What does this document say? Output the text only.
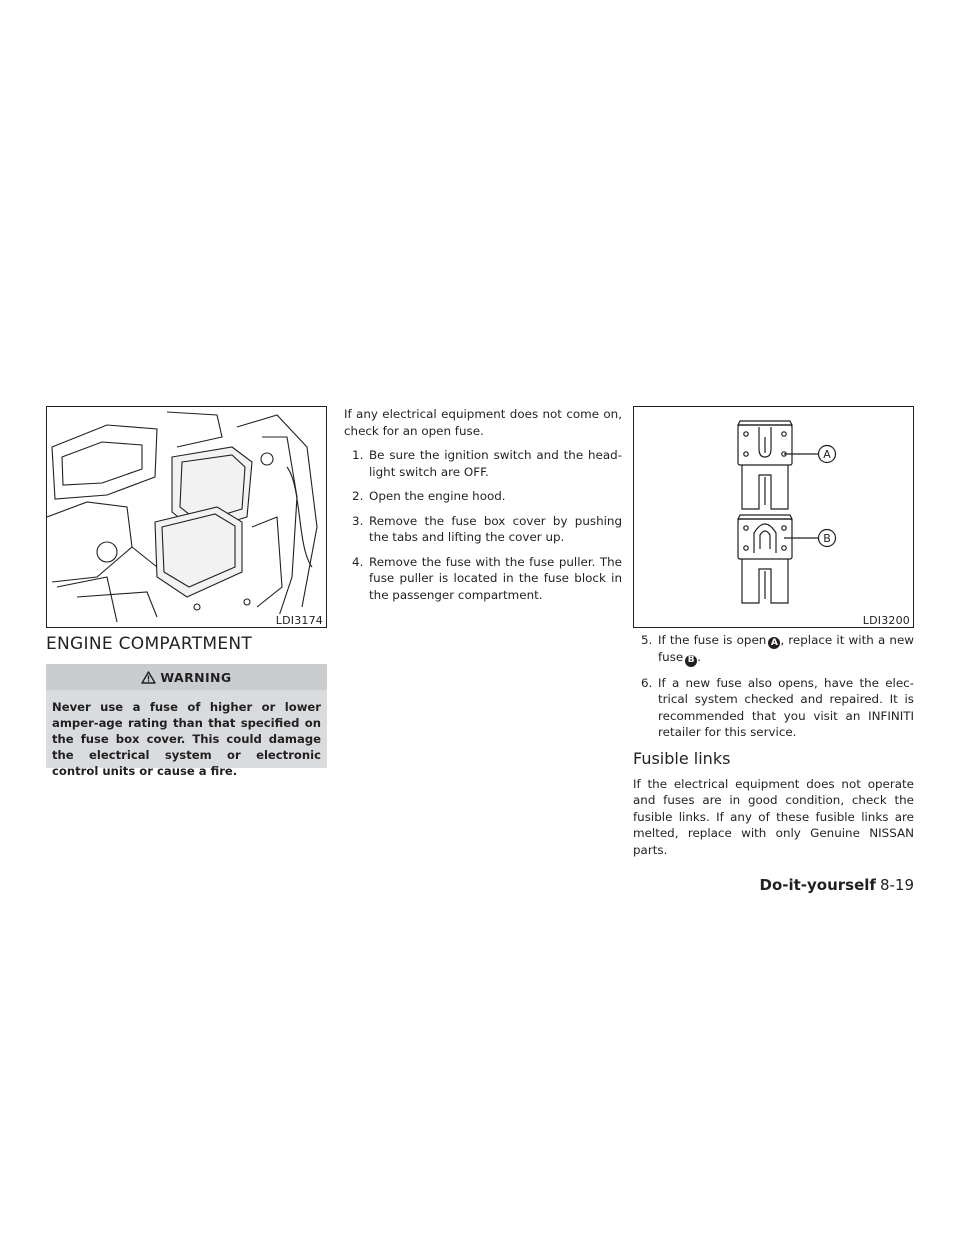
LDI3174
ENGINE COMPARTMENT
WARNING
Never use a fuse of higher or lower amper-age rating than that specified on the fuse box cover. This could damage the electrical system or electronic control units or cause a fire.

If any electrical equipment does not come on, check for an open fuse.

1. Be sure the ignition switch and the head-light switch are OFF.
2. Open the engine hood.
3. Remove the fuse box cover by pushing the tabs and lifting the cover up.
4. Remove the fuse with the fuse puller. The fuse puller is located in the fuse block in the passenger compartment.
A
B
LDI3200
5. If the fuse is open A , replace it with a new fuse B .
6. If a new fuse also opens, have the elec-trical system checked and repaired. It is recommended that you visit an INFINITI retailer for this service.
Fusible links

If the electrical equipment does not operate and fuses are in good condition, check the fusible links. If any of these fusible links are melted, replace with only Genuine NISSAN parts.

Do-it-yourself 8-19
